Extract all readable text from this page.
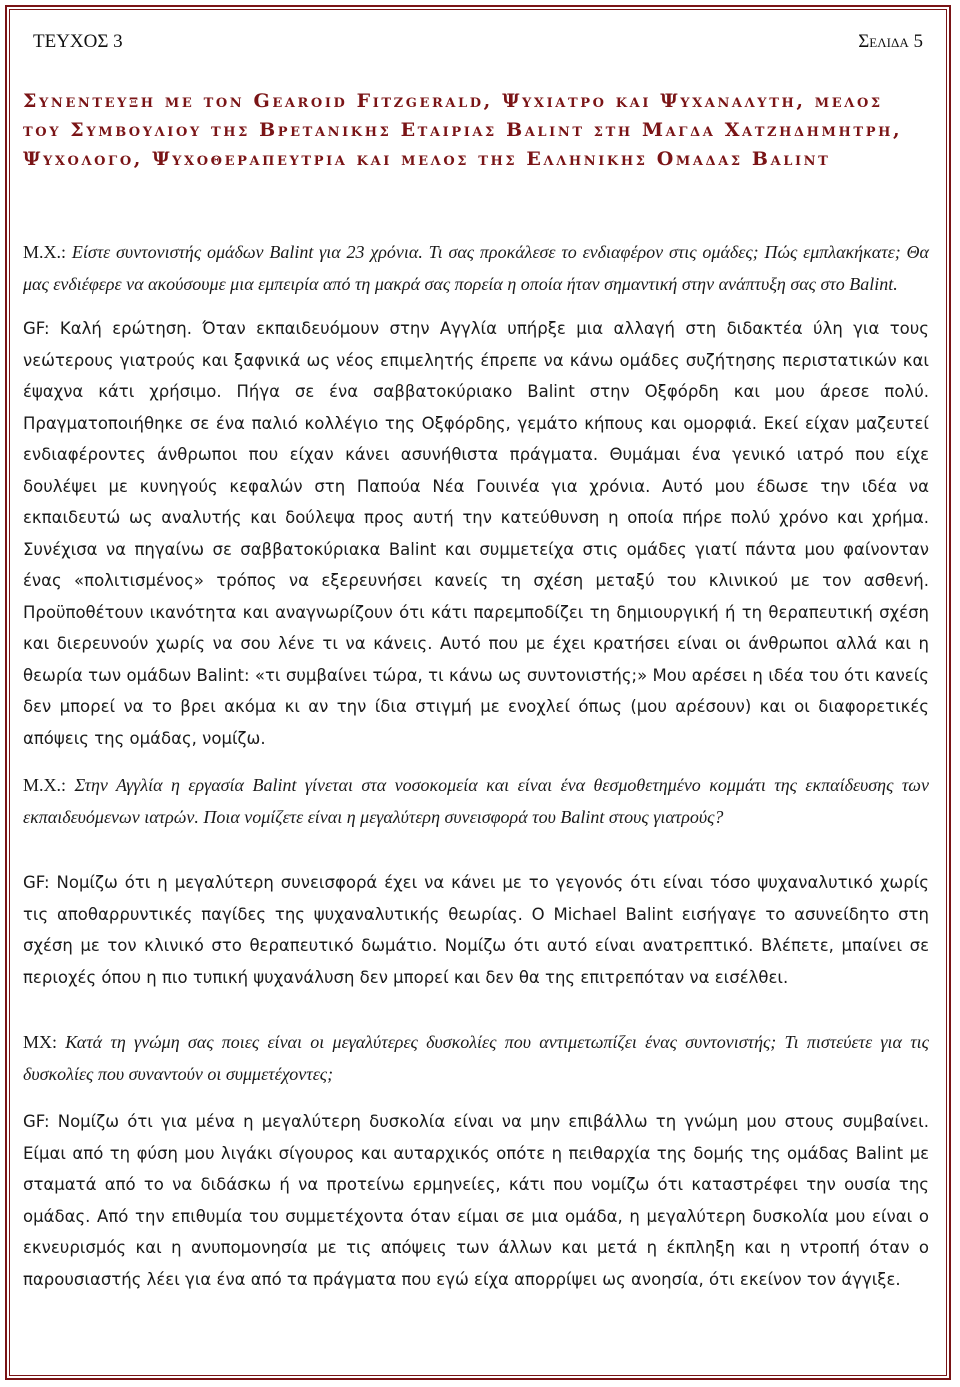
ΤΕΥΧΟΣ 3	Σελιδα 5
Συνεντευξη με τον Gearoid Fitzgerald, Ψυχιατρο και Ψυχαναλυτη, μελος του Συμβουλιου της Βρετανικης Εταιριας Balint στη Μαγδα Χατζηδημητρη, Ψυχολογο, Ψυχοθεραπευτρια και μελος της Ελληνικης Ομαδας Balint

Μ.Χ.: Είστε συντονιστής ομάδων Balint για 23 χρόνια. Τι σας προκάλεσε το ενδιαφέρον στις ομάδες; Πώς εμπλακήκατε; Θα μας ενδιέφερε να ακούσουμε μια εμπειρία από τη μακρά σας πορεία η οποία ήταν σημαντική στην ανάπτυξη σας στο Balint.

GF: Καλή ερώτηση. Όταν εκπαιδευόμουν στην Αγγλία υπήρξε μια αλλαγή στη διδακτέα ύλη για τους νεώτερους γιατρούς και ξαφνικά ως νέος επιμελητής έπρεπε να κάνω ομάδες συζήτησης περιστατικών και έψαχνα κάτι χρήσιμο. Πήγα σε ένα σαββατοκύριακο Balint στην Οξφόρδη και μου άρεσε πολύ. Πραγματοποιήθηκε σε ένα παλιό κολλέγιο της Οξφόρδης, γεμάτο κήπους και ομορφιά. Εκεί είχαν μαζευτεί ενδιαφέροντες άνθρωποι που είχαν κάνει ασυνήθιστα πράγματα. Θυμάμαι ένα γενικό ιατρό που είχε δουλέψει με κυνηγούς κεφαλών στη Παπούα Νέα Γουινέα για χρόνια. Αυτό μου έδωσε την ιδέα να εκπαιδευτώ ως αναλυτής και δούλεψα προς αυτή την κατεύθυνση η οποία πήρε πολύ χρόνο και χρήμα. Συνέχισα να πηγαίνω σε σαββατοκύριακα Balint και συμμετείχα στις ομάδες γιατί πάντα μου φαίνονταν ένας «πολιτισμένος» τρόπος να εξερευνήσει κανείς τη σχέση μεταξύ του κλινικού με τον ασθενή. Προϋποθέτουν ικανότητα και αναγνωρίζουν ότι κάτι παρεμποδίζει τη δημιουργική ή τη θεραπευτική σχέση και διερευνούν χωρίς να σου λένε τι να κάνεις. Αυτό που με έχει κρατήσει είναι οι άνθρωποι αλλά και η θεωρία των ομάδων Balint: «τι συμβαίνει τώρα, τι κάνω ως συντονιστής;» Μου αρέσει η ιδέα του ότι κανείς δεν μπορεί να το βρει ακόμα κι αν την ίδια στιγμή με ενοχλεί όπως (μου αρέσουν) και οι διαφορετικές απόψεις της ομάδας, νομίζω.

Μ.Χ.: Στην Αγγλία η εργασία Balint γίνεται στα νοσοκομεία και είναι ένα θεσμοθετημένο κομμάτι της εκπαίδευσης των εκπαιδευόμενων ιατρών. Ποια νομίζετε είναι η μεγαλύτερη συνεισφορά του Balint στους γιατρούς?

GF: Νομίζω ότι η μεγαλύτερη συνεισφορά έχει να κάνει με το γεγονός ότι είναι τόσο ψυχαναλυτικό χωρίς τις αποθαρρυντικές παγίδες της ψυχαναλυτικής θεωρίας. Ο Michael Balint εισήγαγε το ασυνείδητο στη σχέση με τον κλινικό στο θεραπευτικό δωμάτιο. Νομίζω ότι αυτό είναι ανατρεπτικό. Βλέπετε, μπαίνει σε περιοχές όπου η πιο τυπική ψυχανάλυση δεν μπορεί και δεν θα της επιτρεπόταν να εισέλθει.

ΜΧ: Κατά τη γνώμη σας ποιες είναι οι μεγαλύτερες δυσκολίες που αντιμετωπίζει ένας συντονιστής; Τι πιστεύετε για τις δυσκολίες που συναντούν οι συμμετέχοντες;

GF: Νομίζω ότι για μένα η μεγαλύτερη δυσκολία είναι να μην επιβάλλω τη γνώμη μου στους συμβαίνει. Είμαι από τη φύση μου λιγάκι σίγουρος και αυταρχικός οπότε η πειθαρχία της δομής της ομάδας Balint με σταματά από το να διδάσκω ή να προτείνω ερμηνείες, κάτι που νομίζω ότι καταστρέφει την ουσία της ομάδας. Από την επιθυμία του συμμετέχοντα όταν είμαι σε μια ομάδα, η μεγαλύτερη δυσκολία μου είναι ο εκνευρισμός και η ανυπομονησία με τις απόψεις των άλλων και μετά η έκπληξη και η ντροπή όταν ο παρουσιαστής λέει για ένα από τα πράγματα που εγώ είχα απορρίψει ως ανοησία, ότι εκείνον τον άγγιξε.
